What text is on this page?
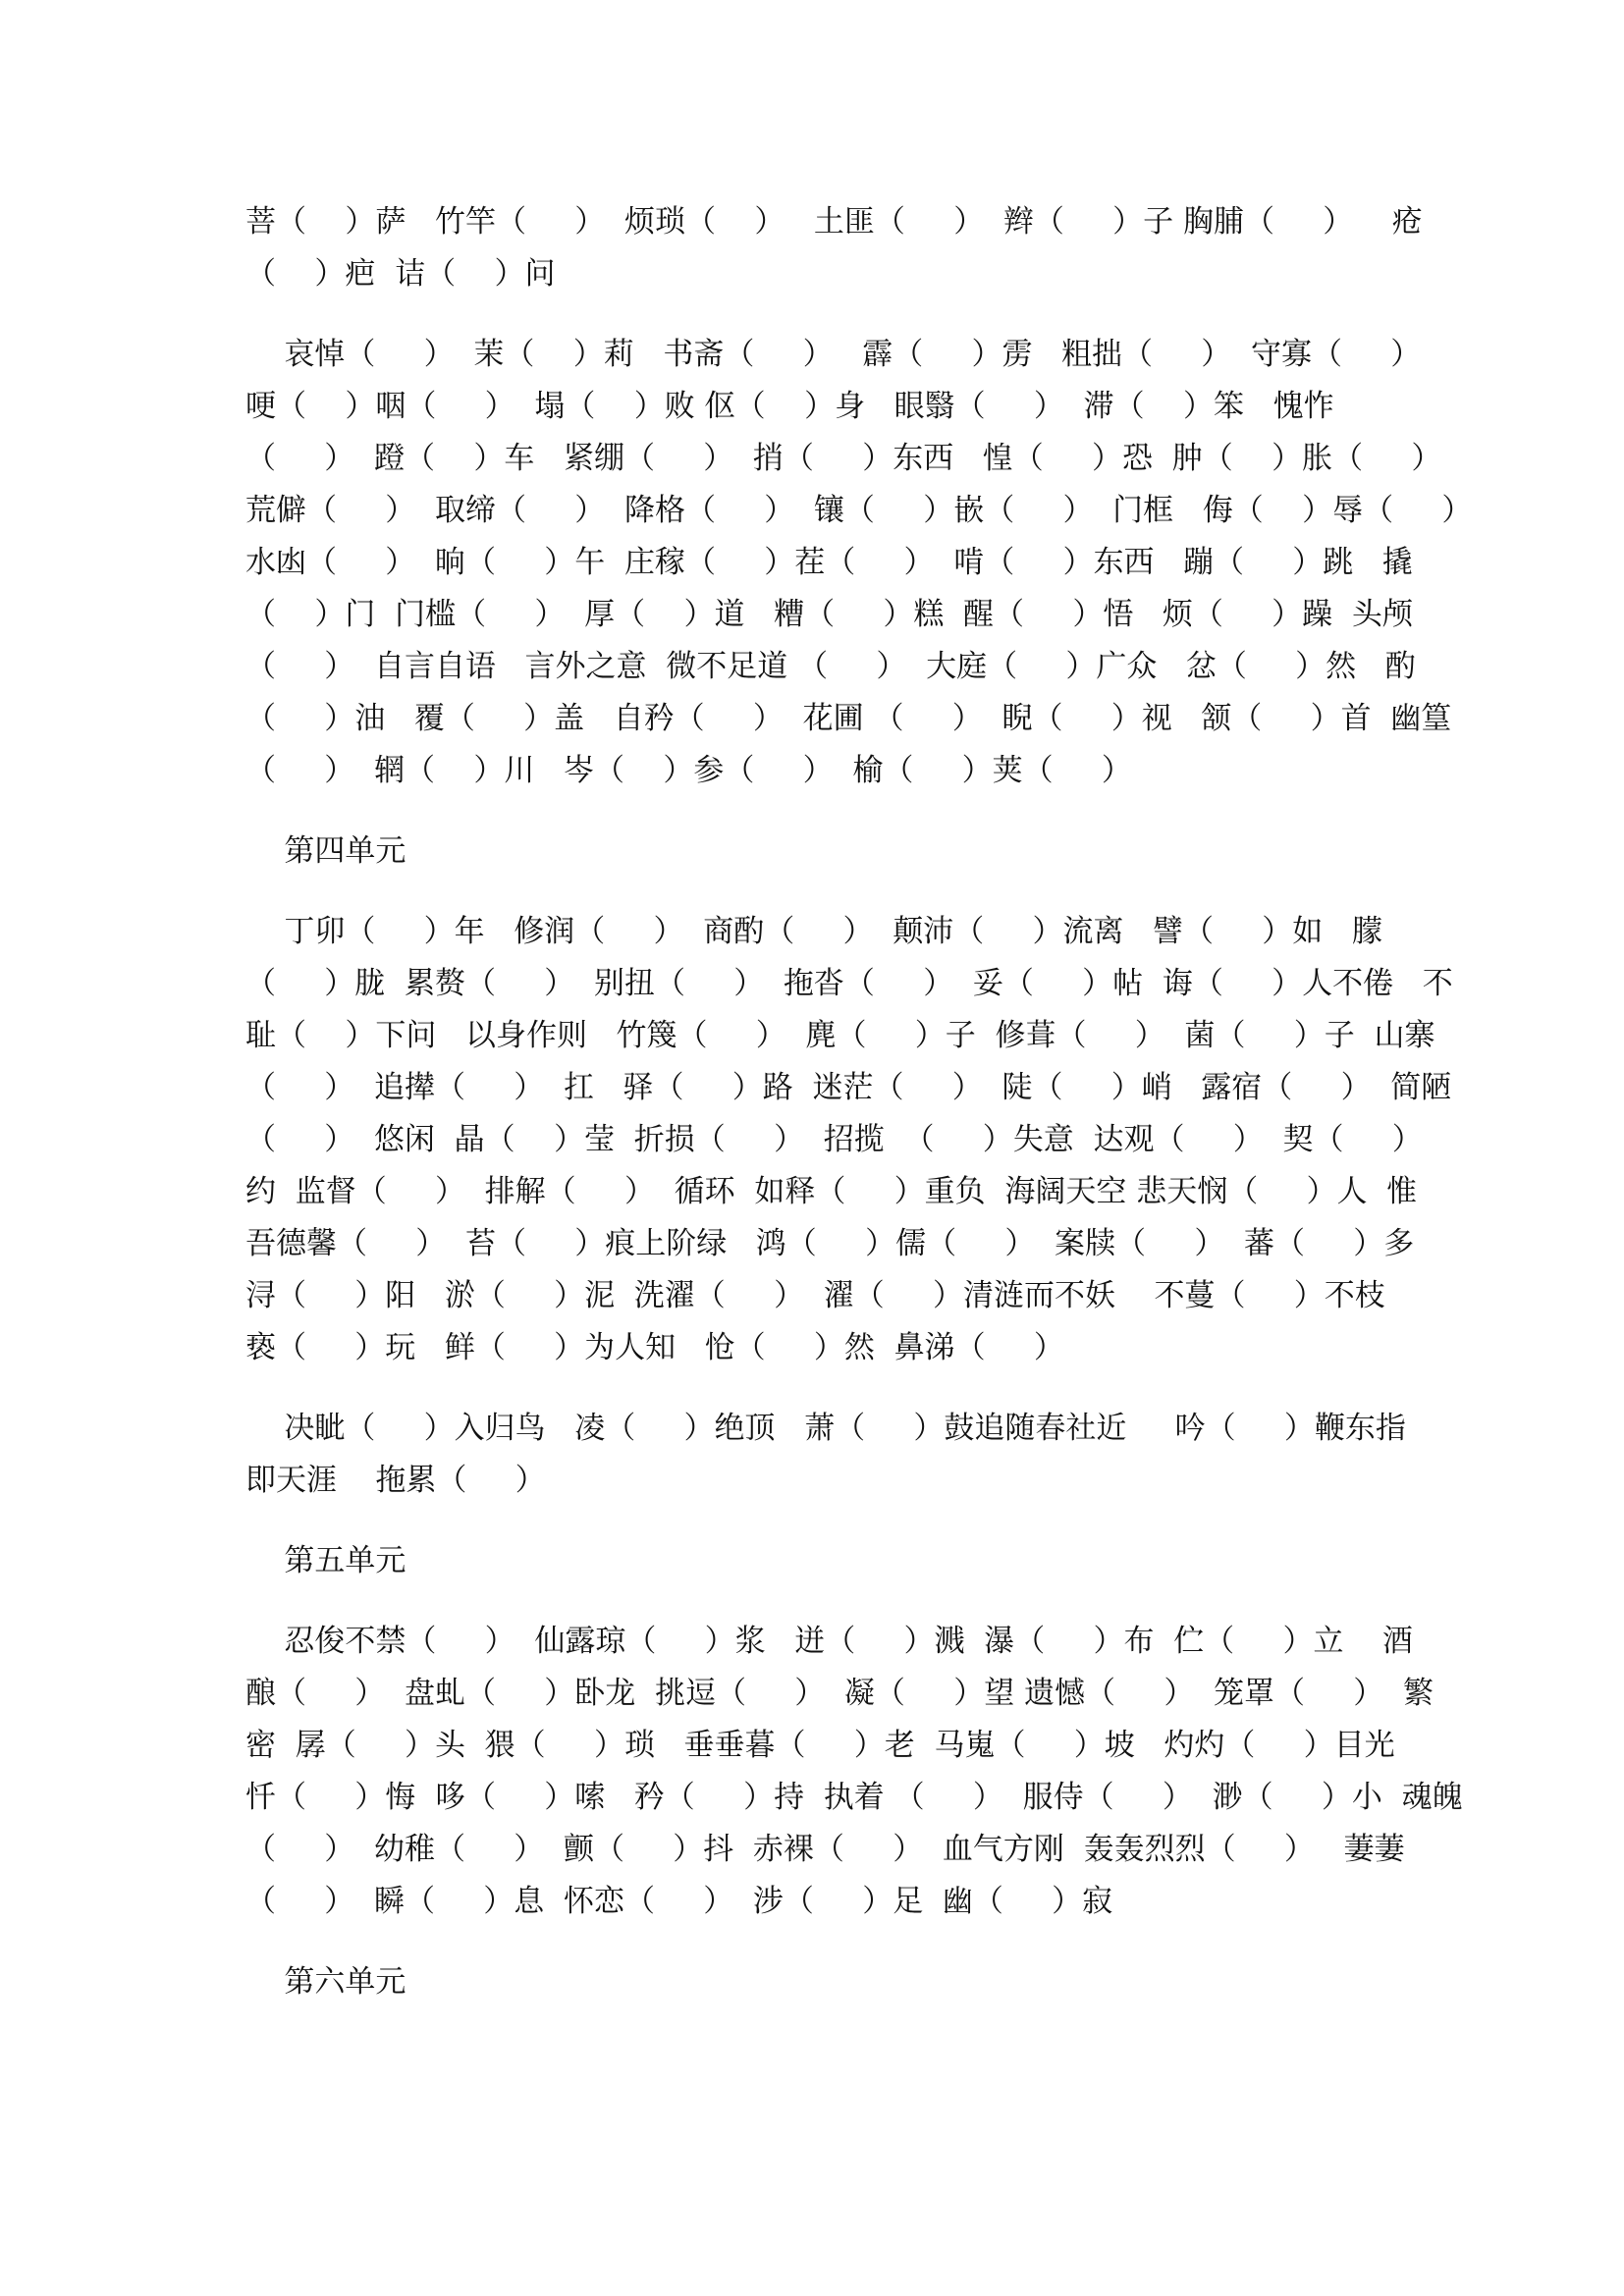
菩（    ）萨   竹竿（     ）  烦琐（    ）   土匪（     ）  辫（     ）子 胸脯（     ）    疮

（    ）疤  诘（    ）问

哀悼（     ）  茉（    ）莉   书斋（     ）   霹（     ）雳   粗拙（     ）  守寡（     ）

哽（    ）咽（     ）  塌（    ）败 伛（    ）身   眼翳（     ）  滞（    ）笨   愧怍

（     ）  蹬（    ）车   紧绷（     ）  捎（     ）东西   惶（     ）恐  肿（    ）胀（     ）

荒僻（     ）  取缔（     ）  降格（     ）  镶（     ）嵌（     ）  门框   侮（    ）辱（     ）

水凼（     ）  晌（     ）午  庄稼（     ）茬（     ）  啃（     ）东西   蹦（     ）跳   撬

（    ）门  门槛（     ）  厚（    ）道   糟（     ）糕  醒（     ）悟   烦（     ）躁  头颅

（     ）  自言自语   言外之意  微不足道 （     ）  大庭（     ）广众   忿（     ）然   酌

（     ）油   覆（     ）盖   自矜（     ）  花圃 （     ）  睨（     ）视   颔（     ）首  幽篁

（     ）  辋（    ）川   岑（    ）参（     ）  榆（     ）荚（     ）

第四单元

丁卯（     ）年   修润（     ）  商酌（     ）  颠沛（     ）流离   譬（     ）如   朦

（     ）胧  累赘（     ）  别扭（     ）  拖沓（     ）  妥（     ）帖  诲（     ）人不倦   不

耻（    ）下问   以身作则   竹篾（     ）  麂（     ）子  修葺（     ）  菌（     ）子  山寨

（     ）  追撵（     ）  扛   驿（     ）路  迷茫（     ）  陡（     ）峭   露宿（     ）  简陋

（     ）  悠闲  晶（    ）莹  折损（     ）  招揽  （     ）失意  达观（     ）  契（     ）

约  监督（     ）  排解（     ）  循环  如释（     ）重负  海阔天空 悲天悯（     ）人  惟

吾德馨（     ）  苔（     ）痕上阶绿   鸿（     ）儒（     ）  案牍（     ）  蕃（     ）多

浔（     ）阳   淤（     ）泥  洗濯（     ）  濯（     ）清涟而不妖    不蔓（     ）不枝

亵（     ）玩   鲜（     ）为人知   怆（     ）然  鼻涕（     ）

决眦（     ）入归鸟   凌（     ）绝顶   萧（     ）鼓追随春社近     吟（     ）鞭东指

即天涯    拖累（     ）

第五单元

忍俊不禁（     ）  仙露琼（     ）浆   迸（     ）溅  瀑（     ）布  伫（     ）立    酒

酿（     ）  盘虬（     ）卧龙  挑逗（     ）  凝（     ）望 遗憾（     ）  笼罩（     ）  繁

密  孱（     ）头  猥（     ）琐   垂垂暮（     ）老  马嵬（     ）坡   灼灼（     ）目光

忏（     ）悔  哆（     ）嗦   矜（     ）持  执着 （     ）  服侍（     ）  渺（     ）小  魂魄

（     ）  幼稚（     ）  颤（     ）抖  赤裸（     ）  血气方刚  轰轰烈烈（     ）   萋萋

（     ）  瞬（     ）息  怀恋（     ）  涉（     ）足  幽（     ）寂

第六单元
